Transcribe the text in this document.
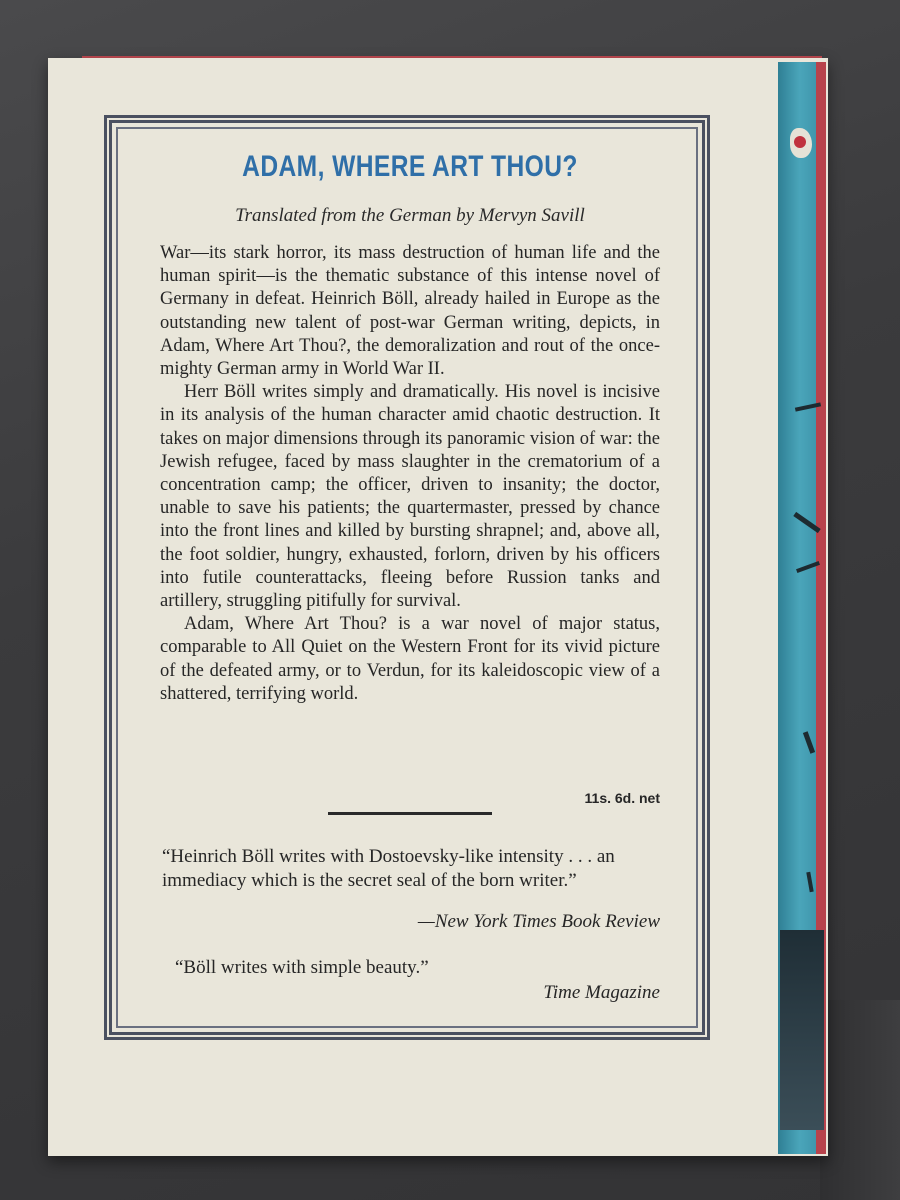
ADAM, WHERE ART THOU?
Translated from the German by Mervyn Savill

War—its stark horror, its mass destruction of human life and the human spirit—is the thematic substance of this intense novel of Germany in defeat. Heinrich Böll, already hailed in Europe as the outstanding new talent of post-war German writing, depicts, in Adam, Where Art Thou?, the demoralization and rout of the once-mighty German army in World War II.

Herr Böll writes simply and dramatically. His novel is incisive in its analysis of the human character amid chaotic destruction. It takes on major dimensions through its panoramic vision of war: the Jewish refugee, faced by mass slaughter in the crematorium of a concentration camp; the officer, driven to insanity; the doctor, unable to save his patients; the quartermaster, pressed by chance into the front lines and killed by bursting shrapnel; and, above all, the foot soldier, hungry, exhausted, forlorn, driven by his officers into futile counterattacks, fleeing before Russion tanks and artillery, struggling pitifully for survival.

Adam, Where Art Thou? is a war novel of major status, comparable to All Quiet on the Western Front for its vivid picture of the defeated army, or to Verdun, for its kaleidoscopic view of a shattered, terrifying world.

11s. 6d. net
“Heinrich Böll writes with Dostoevsky-like intensity . . . an immediacy which is the secret seal of the born writer.”
—New York Times Book Review
“Böll writes with simple beauty.”
Time Magazine
